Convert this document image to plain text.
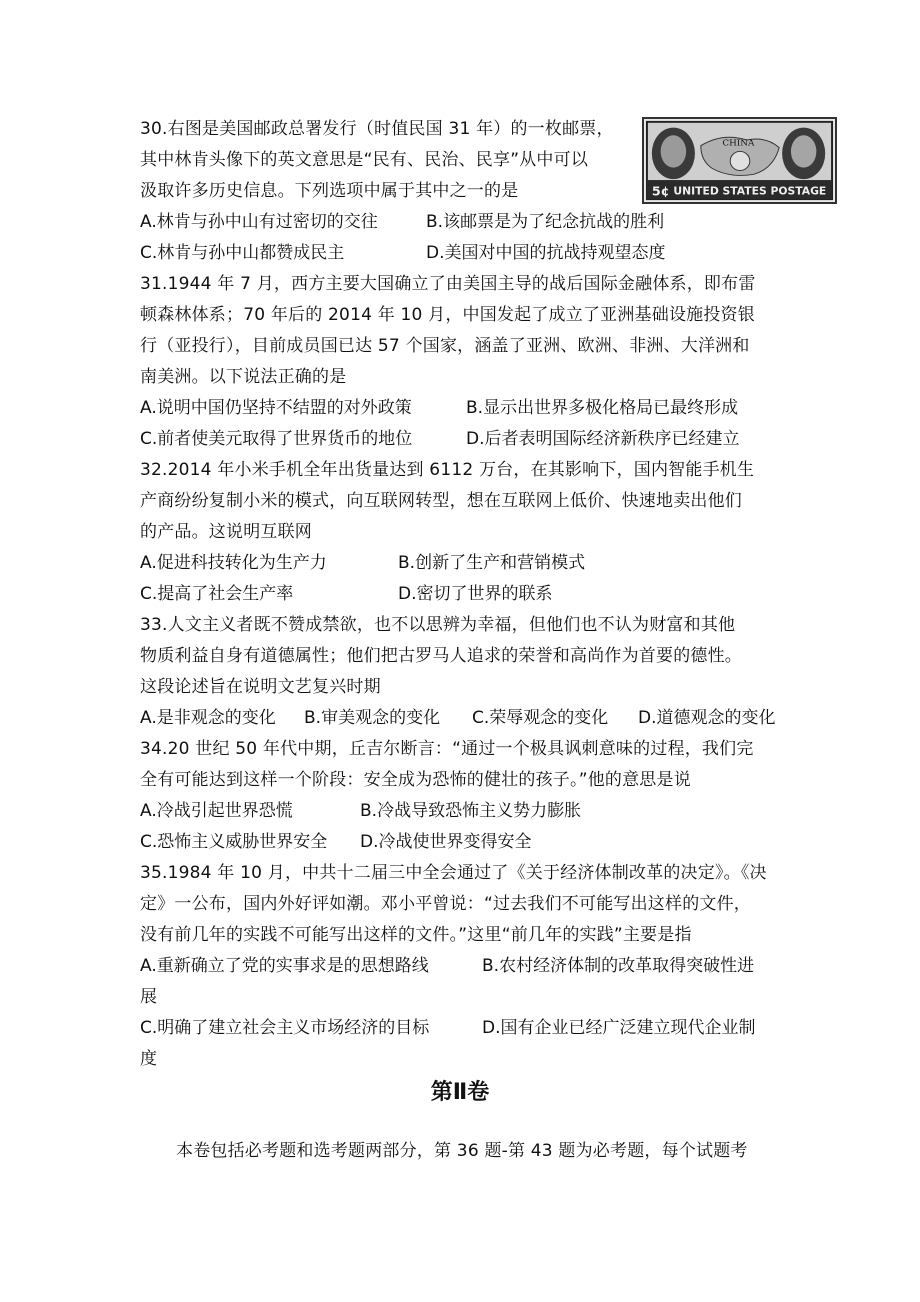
30.右图是美国邮政总署发行（时值民国 31 年）的一枚邮票，
其中林肯头像下的英文意思是“民有、民治、民享”从中可以
汲取许多历史信息。下列选项中属于其中之一的是
CHINA
5¢ UNITED STATES POSTAGE
A.林肯与孙中山有过密切的交往	B.该邮票是为了纪念抗战的胜利
C.林肯与孙中山都赞成民主	D.美国对中国的抗战持观望态度
31.1944 年 7 月，西方主要大国确立了由美国主导的战后国际金融体系，即布雷
顿森林体系；70 年后的 2014 年 10 月，中国发起了成立了亚洲基础设施投资银
行（亚投行），目前成员国已达 57 个国家，涵盖了亚洲、欧洲、非洲、大洋洲和
南美洲。以下说法正确的是
A.说明中国仍坚持不结盟的对外政策	B.显示出世界多极化格局已最终形成
C.前者使美元取得了世界货币的地位	D.后者表明国际经济新秩序已经建立
32.2014 年小米手机全年出货量达到 6112 万台，在其影响下，国内智能手机生
产商纷纷复制小米的模式，向互联网转型，想在互联网上低价、快速地卖出他们
的产品。这说明互联网
A.促进科技转化为生产力	B.创新了生产和营销模式
C.提高了社会生产率	D.密切了世界的联系
33.人文主义者既不赞成禁欲，也不以思辨为幸福，但他们也不认为财富和其他
物质利益自身有道德属性；他们把古罗马人追求的荣誉和高尚作为首要的德性。
这段论述旨在说明文艺复兴时期
A.是非观念的变化 B.审美观念的变化 C.荣辱观念的变化 D.道德观念的变化
34.20 世纪 50 年代中期，丘吉尔断言：“通过一个极具讽刺意味的过程，我们完
全有可能达到这样一个阶段：安全成为恐怖的健壮的孩子。”他的意思是说
A.冷战引起世界恐慌	B.冷战导致恐怖主义势力膨胀
C.恐怖主义威胁世界安全 D.冷战使世界变得安全
35.1984 年 10 月，中共十二届三中全会通过了《关于经济体制改革的决定》。《决
定》一公布，国内外好评如潮。邓小平曾说：“过去我们不可能写出这样的文件，
没有前几年的实践不可能写出这样的文件。”这里“前几年的实践”主要是指
A.重新确立了党的实事求是的思想路线	B.农村经济体制的改革取得突破性进
展
C.明确了建立社会主义市场经济的目标	D.国有企业已经广泛建立现代企业制
度
第Ⅱ卷
本卷包括必考题和选考题两部分，第 36 题-第 43 题为必考题，每个试题考
